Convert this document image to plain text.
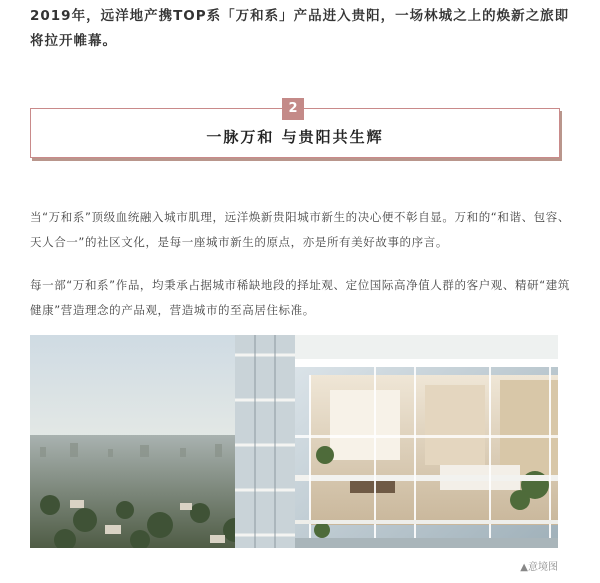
2019年，远洋地产携TOP系「万和系」产品进入贵阳，一场林城之上的焕新之旅即将拉开帷幕。

2
一脉万和 与贵阳共生辉

当“万和系”顶级血统融入城市肌理，远洋焕新贵阳城市新生的决心便不彰自显。万和的“和谐、包容、天人合一”的社区文化，是每一座城市新生的原点，亦是所有美好故事的序言。

每一部“万和系”作品，均秉承占据城市稀缺地段的择址观、定位国际高净值人群的客户观、精研“建筑健康”营造理念的产品观，营造城市的至高居住标准。

▲意境图
